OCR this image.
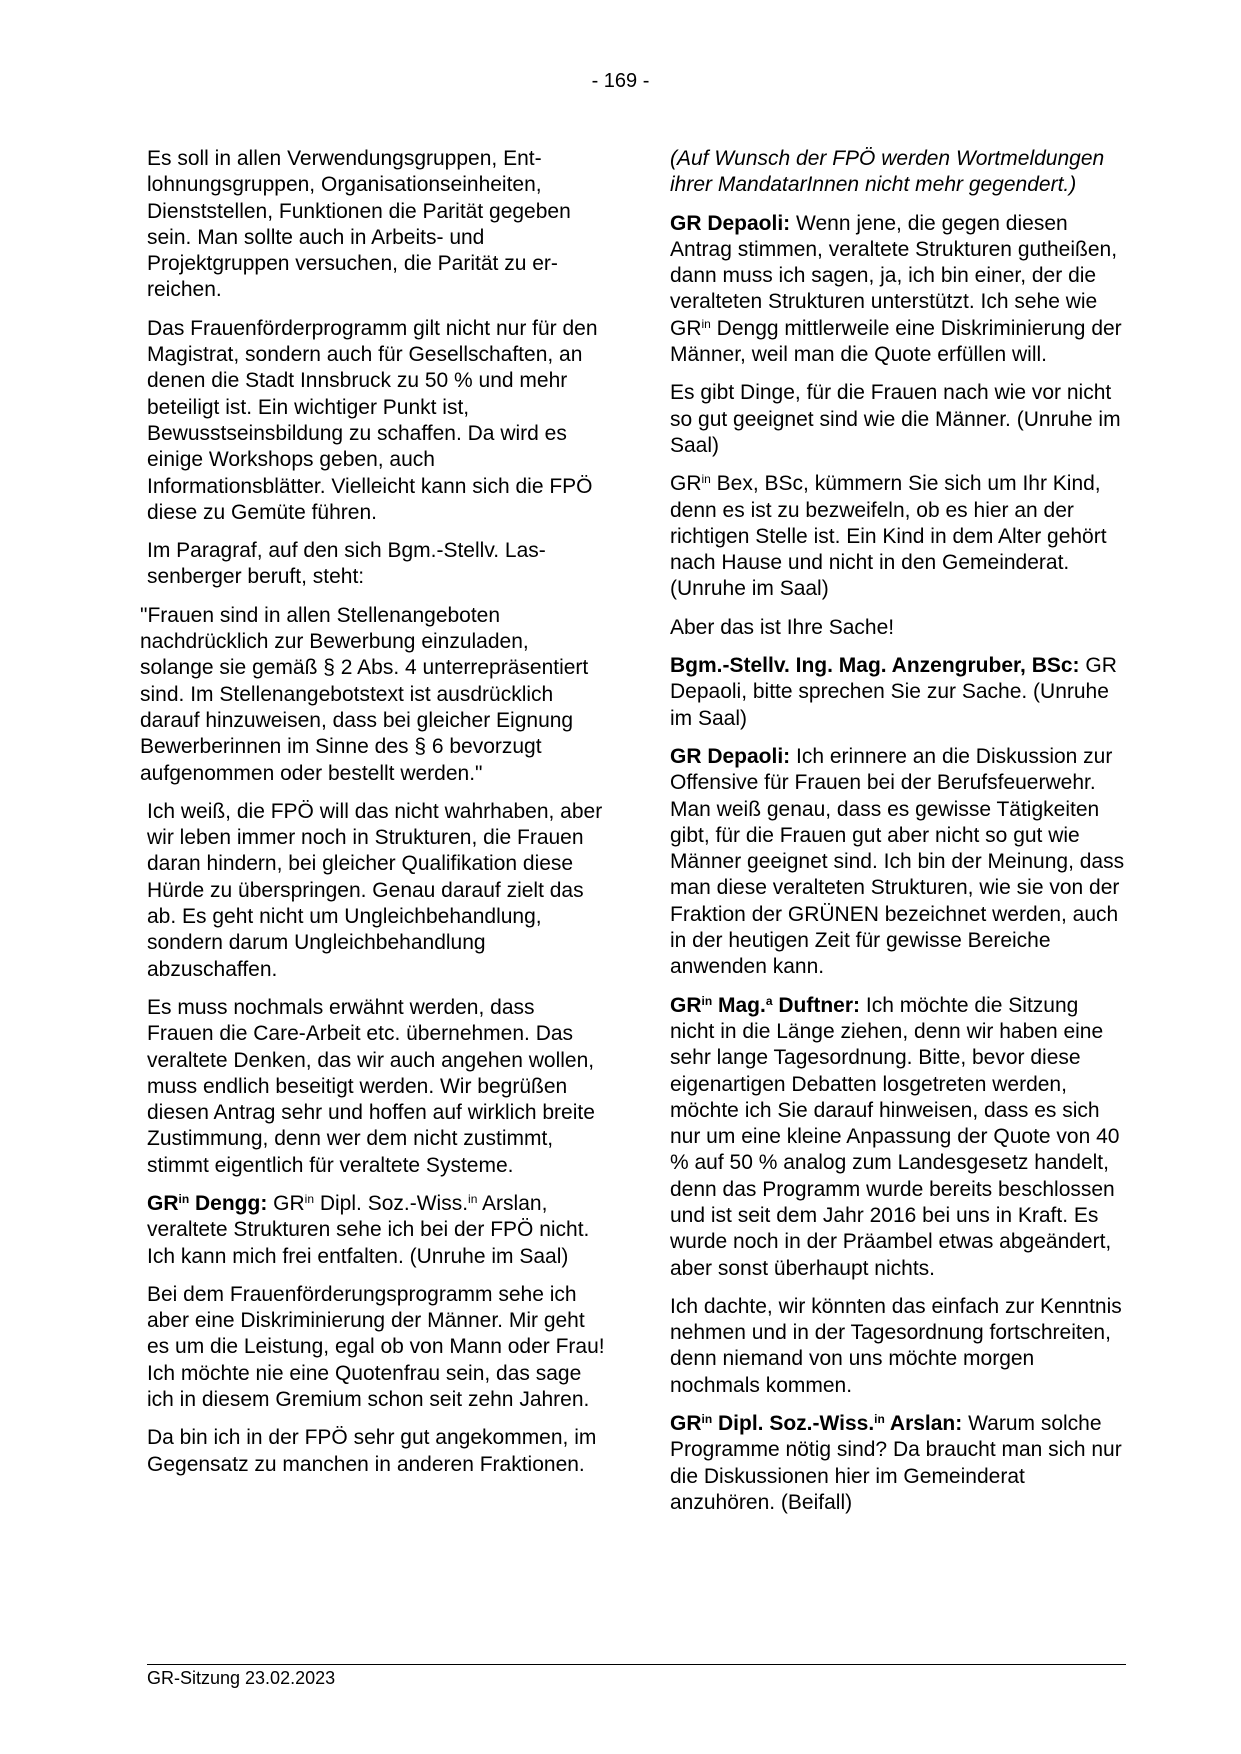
- 169 -

Es soll in allen Verwendungsgruppen, Entlohnungsgruppen, Organisationseinheiten, Dienststellen, Funktionen die Parität gegeben sein. Man sollte auch in Arbeits- und Projektgruppen versuchen, die Parität zu erreichen.

Das Frauenförderprogramm gilt nicht nur für den Magistrat, sondern auch für Gesellschaften, an denen die Stadt Innsbruck zu 50 % und mehr beteiligt ist. Ein wichtiger Punkt ist, Bewusstseinsbildung zu schaffen. Da wird es einige Workshops geben, auch Informationsblätter. Vielleicht kann sich die FPÖ diese zu Gemüte führen.

Im Paragraf, auf den sich Bgm.-Stellv. Lassenberger beruft, steht:

"Frauen sind in allen Stellenangeboten nachdrücklich zur Bewerbung einzuladen, solange sie gemäß § 2 Abs. 4 unterrepräsentiert sind. Im Stellenangebotstext ist ausdrücklich darauf hinzuweisen, dass bei gleicher Eignung Bewerberinnen im Sinne des § 6 bevorzugt aufgenommen oder bestellt werden."

Ich weiß, die FPÖ will das nicht wahrhaben, aber wir leben immer noch in Strukturen, die Frauen daran hindern, bei gleicher Qualifikation diese Hürde zu überspringen. Genau darauf zielt das ab. Es geht nicht um Ungleichbehandlung, sondern darum Ungleichbehandlung abzuschaffen.

Es muss nochmals erwähnt werden, dass Frauen die Care-Arbeit etc. übernehmen. Das veraltete Denken, das wir auch angehen wollen, muss endlich beseitigt werden. Wir begrüßen diesen Antrag sehr und hoffen auf wirklich breite Zustimmung, denn wer dem nicht zustimmt, stimmt eigentlich für veraltete Systeme.

$GR^{in}$ Dengg: $GR^{in}$ Dipl. Soz.-Wiss.$^{in}$ Arslan, veraltete Strukturen sehe ich bei der FPÖ nicht. Ich kann mich frei entfalten. (Unruhe im Saal)

Bei dem Frauenförderungsprogramm sehe ich aber eine Diskriminierung der Männer. Mir geht es um die Leistung, egal ob von Mann oder Frau! Ich möchte nie eine Quotenfrau sein, das sage ich in diesem Gremium schon seit zehn Jahren.

Da bin ich in der FPÖ sehr gut angekommen, im Gegensatz zu manchen in anderen Fraktionen.

(Auf Wunsch der FPÖ werden Wortmeldungen ihrer MandatarInnen nicht mehr gegendert.)

GR Depaoli: Wenn jene, die gegen diesen Antrag stimmen, veraltete Strukturen gutheißen, dann muss ich sagen, ja, ich bin einer, der die veralteten Strukturen unterstützt. Ich sehe wie $GR^{in}$ Dengg mittlerweile eine Diskriminierung der Männer, weil man die Quote erfüllen will.

Es gibt Dinge, für die Frauen nach wie vor nicht so gut geeignet sind wie die Männer. (Unruhe im Saal)

$GR^{in}$ Bex, BSc, kümmern Sie sich um Ihr Kind, denn es ist zu bezweifeln, ob es hier an der richtigen Stelle ist. Ein Kind in dem Alter gehört nach Hause und nicht in den Gemeinderat. (Unruhe im Saal)

Aber das ist Ihre Sache!

Bgm.-Stellv. Ing. Mag. Anzengruber, BSc: GR Depaoli, bitte sprechen Sie zur Sache. (Unruhe im Saal)

GR Depaoli: Ich erinnere an die Diskussion zur Offensive für Frauen bei der Berufsfeuerwehr. Man weiß genau, dass es gewisse Tätigkeiten gibt, für die Frauen gut aber nicht so gut wie Männer geeignet sind. Ich bin der Meinung, dass man diese veralteten Strukturen, wie sie von der Fraktion der GRÜNEN bezeichnet werden, auch in der heutigen Zeit für gewisse Bereiche anwenden kann.

$GR^{in}$ Mag.$^a$ Duftner: Ich möchte die Sitzung nicht in die Länge ziehen, denn wir haben eine sehr lange Tagesordnung. Bitte, bevor diese eigenartigen Debatten losgetreten werden, möchte ich Sie darauf hinweisen, dass es sich nur um eine kleine Anpassung der Quote von 40 % auf 50 % analog zum Landesgesetz handelt, denn das Programm wurde bereits beschlossen und ist seit dem Jahr 2016 bei uns in Kraft. Es wurde noch in der Präambel etwas abgeändert, aber sonst überhaupt nichts.

Ich dachte, wir könnten das einfach zur Kenntnis nehmen und in der Tagesordnung fortschreiten, denn niemand von uns möchte morgen nochmals kommen.

$GR^{in}$ Dipl. Soz.-Wiss.$^{in}$ Arslan: Warum solche Programme nötig sind? Da braucht man sich nur die Diskussionen hier im Gemeinderat anzuhören. (Beifall)

GR-Sitzung 23.02.2023
